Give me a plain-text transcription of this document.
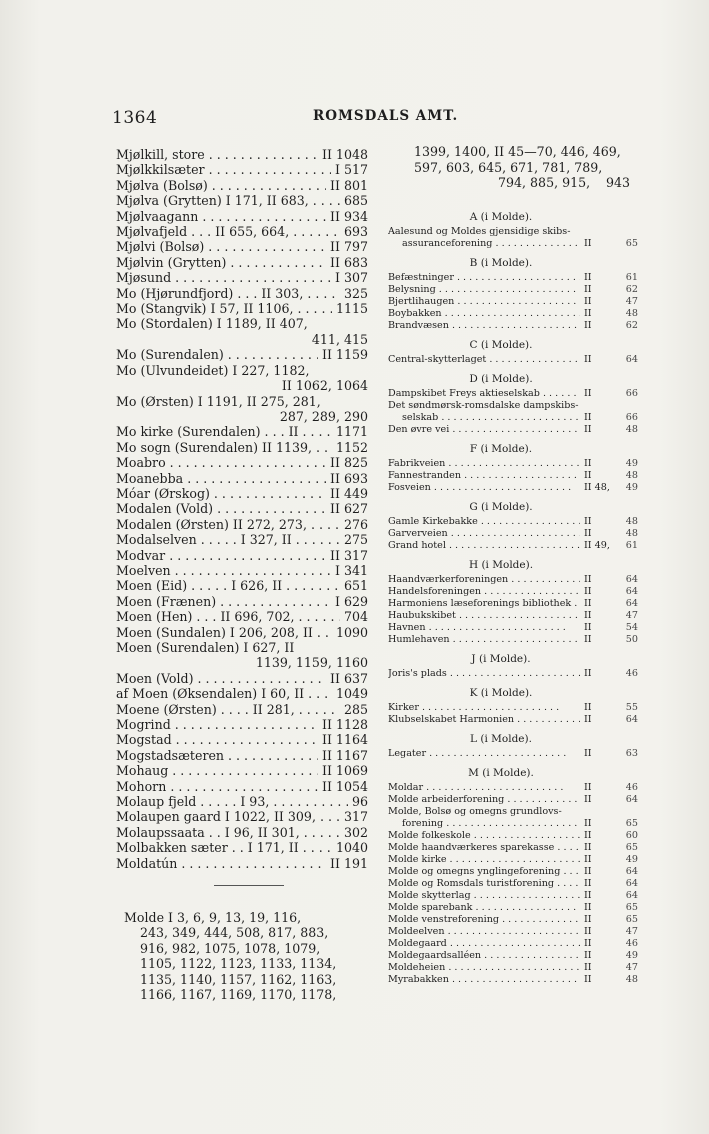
1364	ROMSDALS AMT.
Mjølkill, store . . .	II 1048
Mjølkkilsæter . . .	I 517
Mjølva (Bolsø) . . .	II 801
Mjølva (Grytten) I 171, II 683, . . .	685
Mjølvaagann . . .	II 934
Mjølvafjeld . . . II 655, 664, . . .	693
Mjølvi (Bolsø) . . .	II 797
Mjølvin (Grytten) . . .	II 683
Mjøsund . . .	I 307
Mo (Hjørundfjord) . . . II 303, . . .	325
Mo (Stangvik) I 57, II 1106, . . .	1115
Mo (Stordalen) I 1189, II 407,
411, 415
Mo (Surendalen) . . .	II 1159
Mo (Ulvundeidet) I 227, 1182,
II 1062, 1064
Mo (Ørsten) I 1191, II 275, 281,
287, 289, 290
Mo kirke (Surendalen) . . . II . . .	1171
Mo sogn (Surendalen) II 1139, . . .	1152
Moabro . . .	II 825
Moanebba . . .	II 693
Móar (Ørskog) . . .	II 449
Modalen (Vold) . . .	II 627
Modalen (Ørsten) II 272, 273, . . .	276
Modalselven . . . . . I 327, II . . .	275
Modvar . . .	II 317
Moelven . . .	I 341
Moen (Eid) . . . . . I 626, II . . .	651
Moen (Frænen) . . .	I 629
Moen (Hen) . . . II 696, 702, . . .	704
Moen (Sundalen) I 206, 208, II . . .	1090
Moen (Surendalen) I 627, II
1139, 1159, 1160
Moen (Vold) . . .	II 637
af Moen (Øksendalen) I 60, II . . .	1049
Moene (Ørsten) . . . . II 281, . . .	285
Mogrind . . .	II 1128
Mogstad . . .	II 1164
Mogstadsæteren . . .	II 1167
Mohaug . . .	II 1069
Mohorn . . .	II 1054
Molaup fjeld . . . . . I 93, . . .	96
Molaupen gaard I 1022, II 309, . . .	317
Molaupssaata . . I 96, II 301, . . .	302
Molbakken sæter . . I 171, II . . .	1040
Moldatún . . .	II 191
Molde I 3, 6, 9, 13, 19, 116,
243, 349, 444, 508, 817, 883,
916, 982, 1075, 1078, 1079,
1105, 1122, 1123, 1133, 1134,
1135, 1140, 1157, 1162, 1163,
1166, 1167, 1169, 1170, 1178,
1399, 1400, II 45—70, 446, 469,
597, 603, 645, 671, 781, 789,
794, 885, 915, 943
A (i Molde).
Aalesund og Moldes gjensidige skibs-
assuranceforening . . .	II	65
B (i Molde).
Befæstninger . . .	II	61
Belysning . . .	II	62
Bjertlihaugen . . .	II	47
Boybakken . . .	II	48
Brandvæsen . . .	II	62
C (i Molde).
Central-skytterlaget . . .	II	64
D (i Molde).
Dampskibet Freys aktieselskab . . .	II	66
Det søndmørsk-romsdalske dampskibs-
selskab . . .	II	66
Den øvre vei . . .	II	48
F (i Molde).
Fabrikveien . . .	II	49
Fannestranden . . .	II	48
Fosveien . . .	II 48,	49
G (i Molde).
Gamle Kirkebakke . . .	II	48
Garverveien . . .	II	48
Grand hotel . . .	II 49,	61
H (i Molde).
Haandværkerforeningen . . .	II	64
Handelsforeningen . . .	II	64
Harmoniens læseforenings bibliothek . . .	II	64
Haubukskibet . . .	II	47
Havnen . . .	II	54
Humlehaven . . .	II	50
J (i Molde).
Joris's plads . . .	II	46
K (i Molde).
Kirker . . .	II	55
Klubselskabet Harmonien . . .	II	64
L (i Molde).
Legater . . .	II	63
M (i Molde).
Moldar . . .	II	46
Molde arbeiderforening . . .	II	64
Molde, Bolsø og omegns grundlovs-
forening . . .	II	65
Molde folkeskole . . .	II	60
Molde haandværkeres sparekasse . . .	II	65
Molde kirke . . .	II	49
Molde og omegns ynglingeforening . . .	II	64
Molde og Romsdals turistforening . . .	II	64
Molde skytterlag . . .	II	64
Molde sparebank . . .	II	65
Molde venstreforening . . .	II	65
Moldeelven . . .	II	47
Moldegaard . . .	II	46
Moldegaardsalléen . . .	II	49
Moldeheien . . .	II	47
Myrabakken . . .	II	48
